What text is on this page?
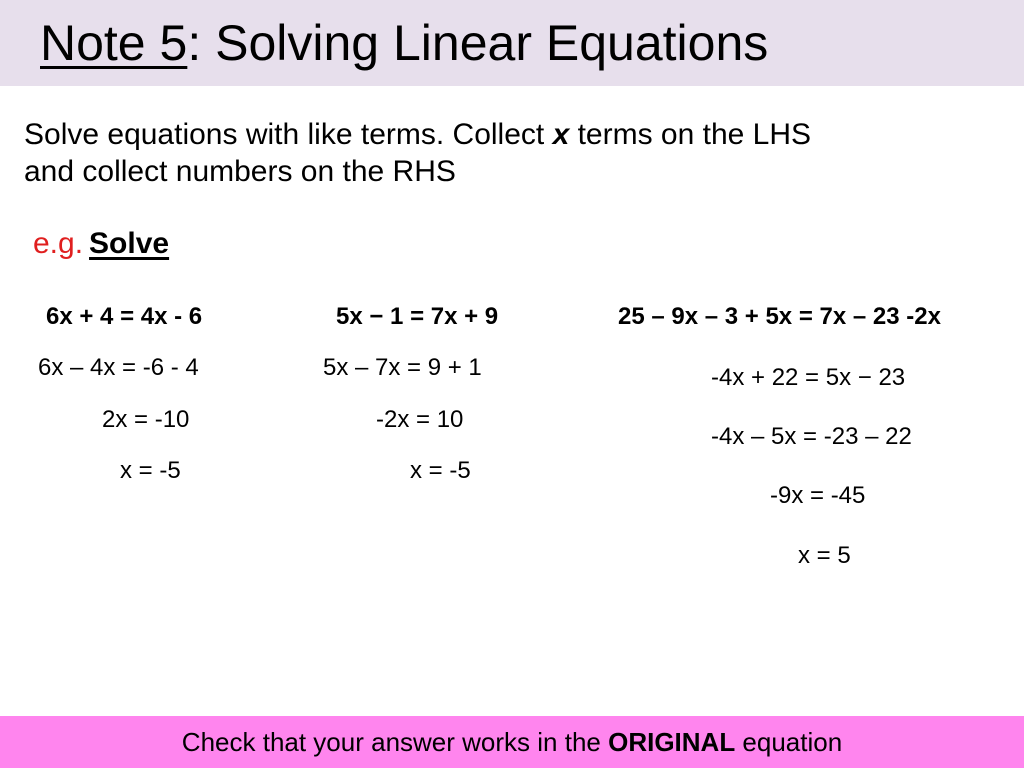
Note 5: Solving Linear Equations
Solve equations with like terms. Collect x terms on the LHS
and collect numbers on the RHS
e.g. Solve
6x + 4 = 4x - 6
6x – 4x = -6 - 4
2x = -10
x = -5
5x − 1 = 7x + 9
5x – 7x = 9 + 1
-2x = 10
x = -5
25 – 9x – 3 + 5x = 7x – 23 -2x
-4x + 22 = 5x − 23
-4x – 5x = -23 – 22
-9x = -45
x = 5
Check that your answer works in the ORIGINAL equation
